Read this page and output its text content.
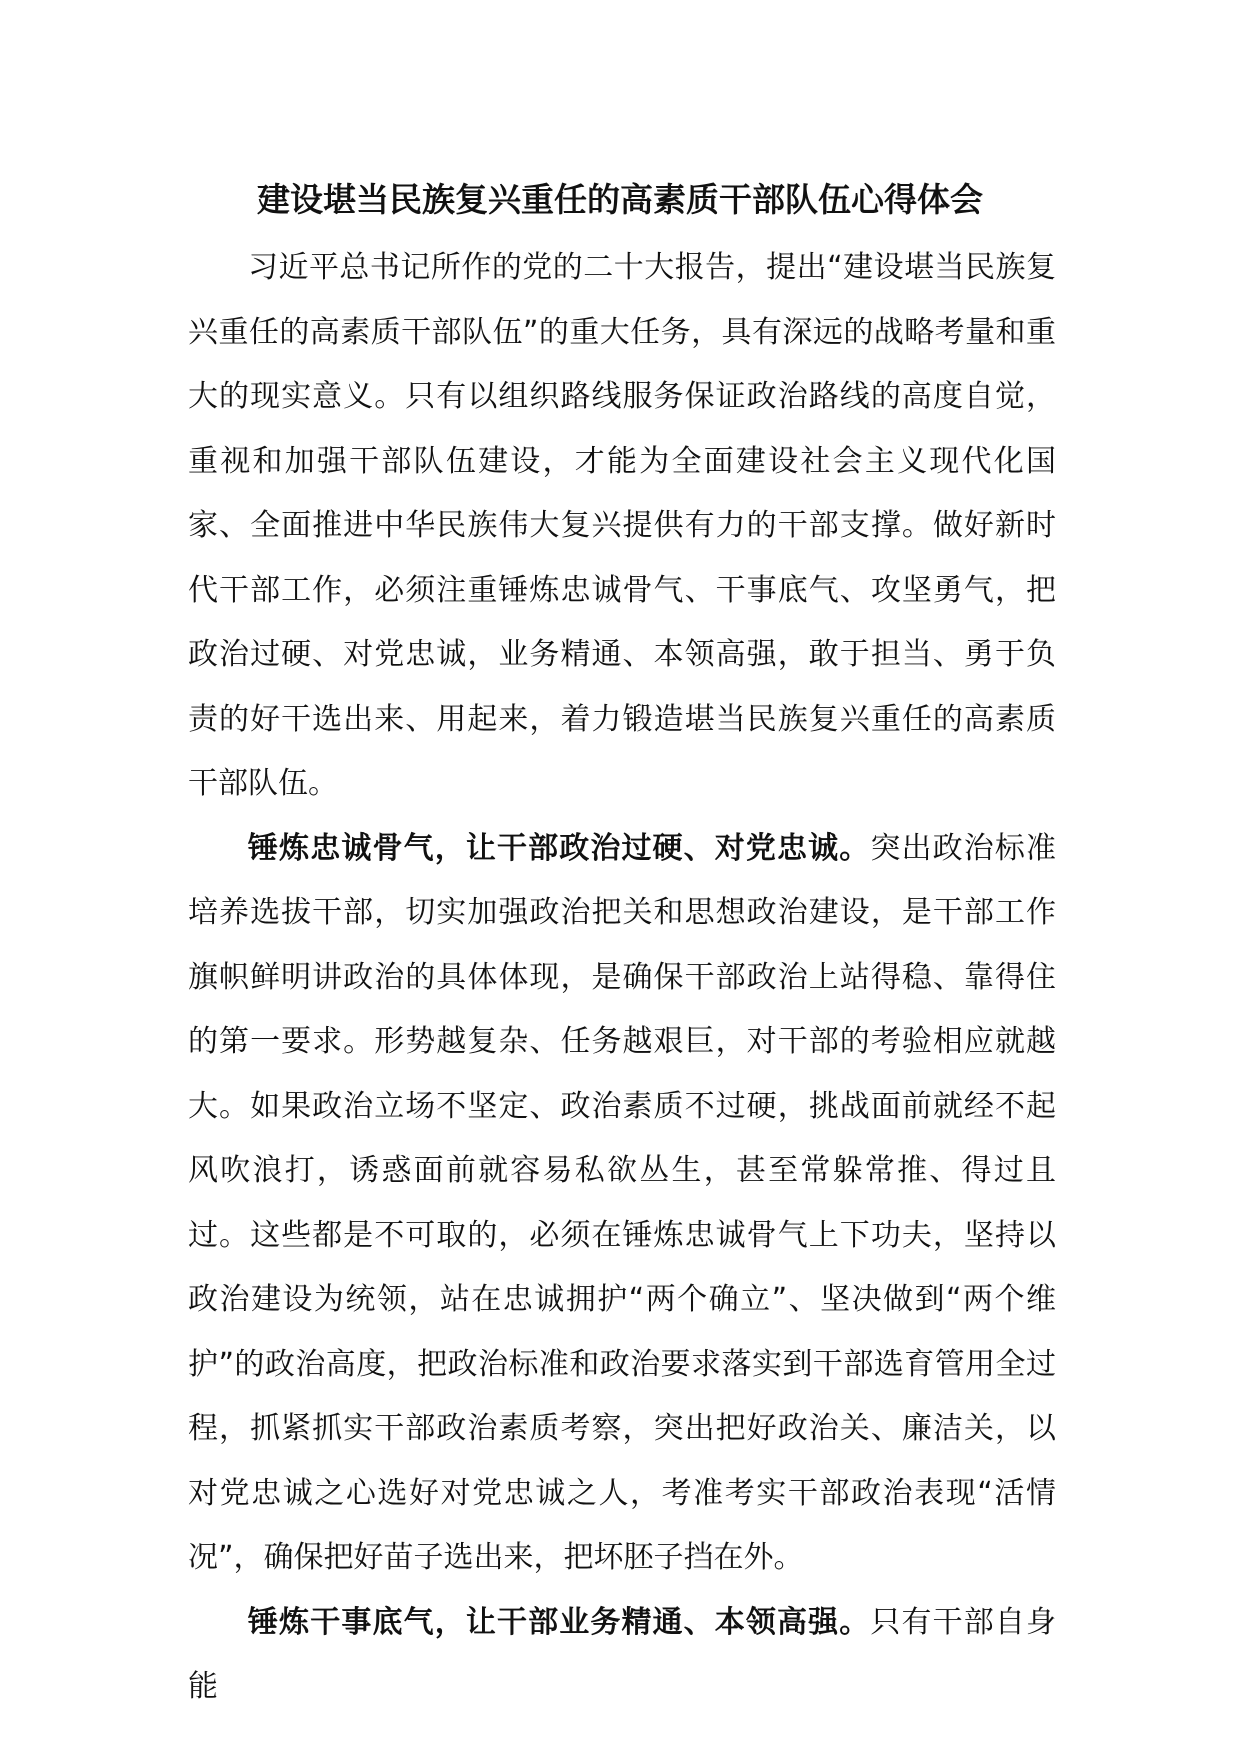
建设堪当民族复兴重任的高素质干部队伍心得体会

习近平总书记所作的党的二十大报告，提出“建设堪当民族复兴重任的高素质干部队伍”的重大任务，具有深远的战略考量和重大的现实意义。只有以组织路线服务保证政治路线的高度自觉，重视和加强干部队伍建设，才能为全面建设社会主义现代化国家、全面推进中华民族伟大复兴提供有力的干部支撑。做好新时代干部工作，必须注重锤炼忠诚骨气、干事底气、攻坚勇气，把政治过硬、对党忠诚，业务精通、本领高强，敢于担当、勇于负责的好干选出来、用起来，着力锻造堪当民族复兴重任的高素质干部队伍。

锤炼忠诚骨气，让干部政治过硬、对党忠诚。突出政治标准培养选拔干部，切实加强政治把关和思想政治建设，是干部工作旗帜鲜明讲政治的具体体现，是确保干部政治上站得稳、靠得住的第一要求。形势越复杂、任务越艰巨，对干部的考验相应就越大。如果政治立场不坚定、政治素质不过硬，挑战面前就经不起风吹浪打，诱惑面前就容易私欲丛生，甚至常躲常推、得过且过。这些都是不可取的，必须在锤炼忠诚骨气上下功夫，坚持以政治建设为统领，站在忠诚拥护“两个确立”、坚决做到“两个维护”的政治高度，把政治标准和政治要求落实到干部选育管用全过程，抓紧抓实干部政治素质考察，突出把好政治关、廉洁关，以对党忠诚之心选好对党忠诚之人，考准考实干部政治表现“活情况”，确保把好苗子选出来，把坏胚子挡在外。

锤炼干事底气，让干部业务精通、本领高强。只有干部自身能
